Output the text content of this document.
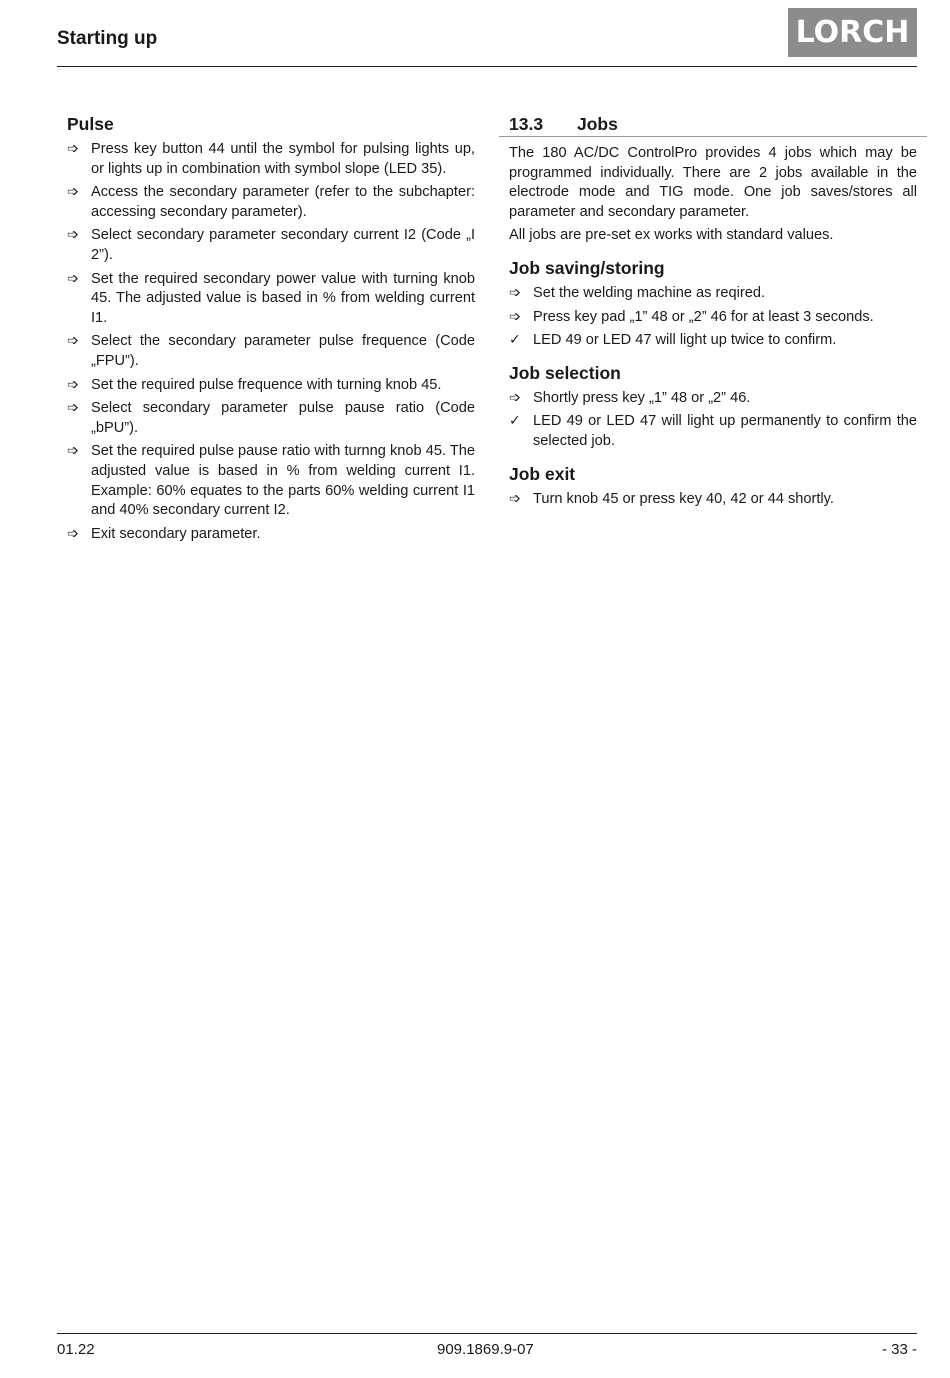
Starting up	LORCH
Pulse
➩ Press key button 44 until the symbol for pulsing lights up, or lights up in combination with symbol slope (LED 35).
➩ Access the secondary parameter (refer to the subchapter: accessing secondary parameter).
➩ Select secondary parameter secondary current I2 (Code „I 2”).
➩ Set the required secondary power value with turning knob 45. The adjusted value is based in % from welding current I1.
➩ Select the secondary parameter pulse frequence (Code „FPU”).
➩ Set the required pulse frequence with turning knob 45.
➩ Select secondary parameter pulse pause ratio (Code „bPU”).
➩ Set the required pulse pause ratio with turnng knob 45. The adjusted value is based in % from welding current I1. Example: 60% equates to the parts 60% welding current I1 and 40% secondary current I2.
➩ Exit secondary parameter.
13.3 Jobs

The 180 AC/DC ControlPro provides 4 jobs which may be programmed individually. There are 2 jobs available in the electrode mode and TIG mode. One job saves/stores all parameter and secondary parameter.

All jobs are pre-set ex works with standard values.

Job saving/storing
➩ Set the welding machine as reqired.
➩ Press key pad „1” 48 or „2” 46 for at least 3 seconds.
✓ LED 49 or LED 47 will light up twice to confirm.
Job selection
➩ Shortly press key „1” 48 or „2” 46.
✓ LED 49 or LED 47 will light up permanently to confirm the selected job.
Job exit
➩ Turn knob 45 or press key 40, 42 or 44 shortly.
01.22	909.1869.9-07	- 33 -
